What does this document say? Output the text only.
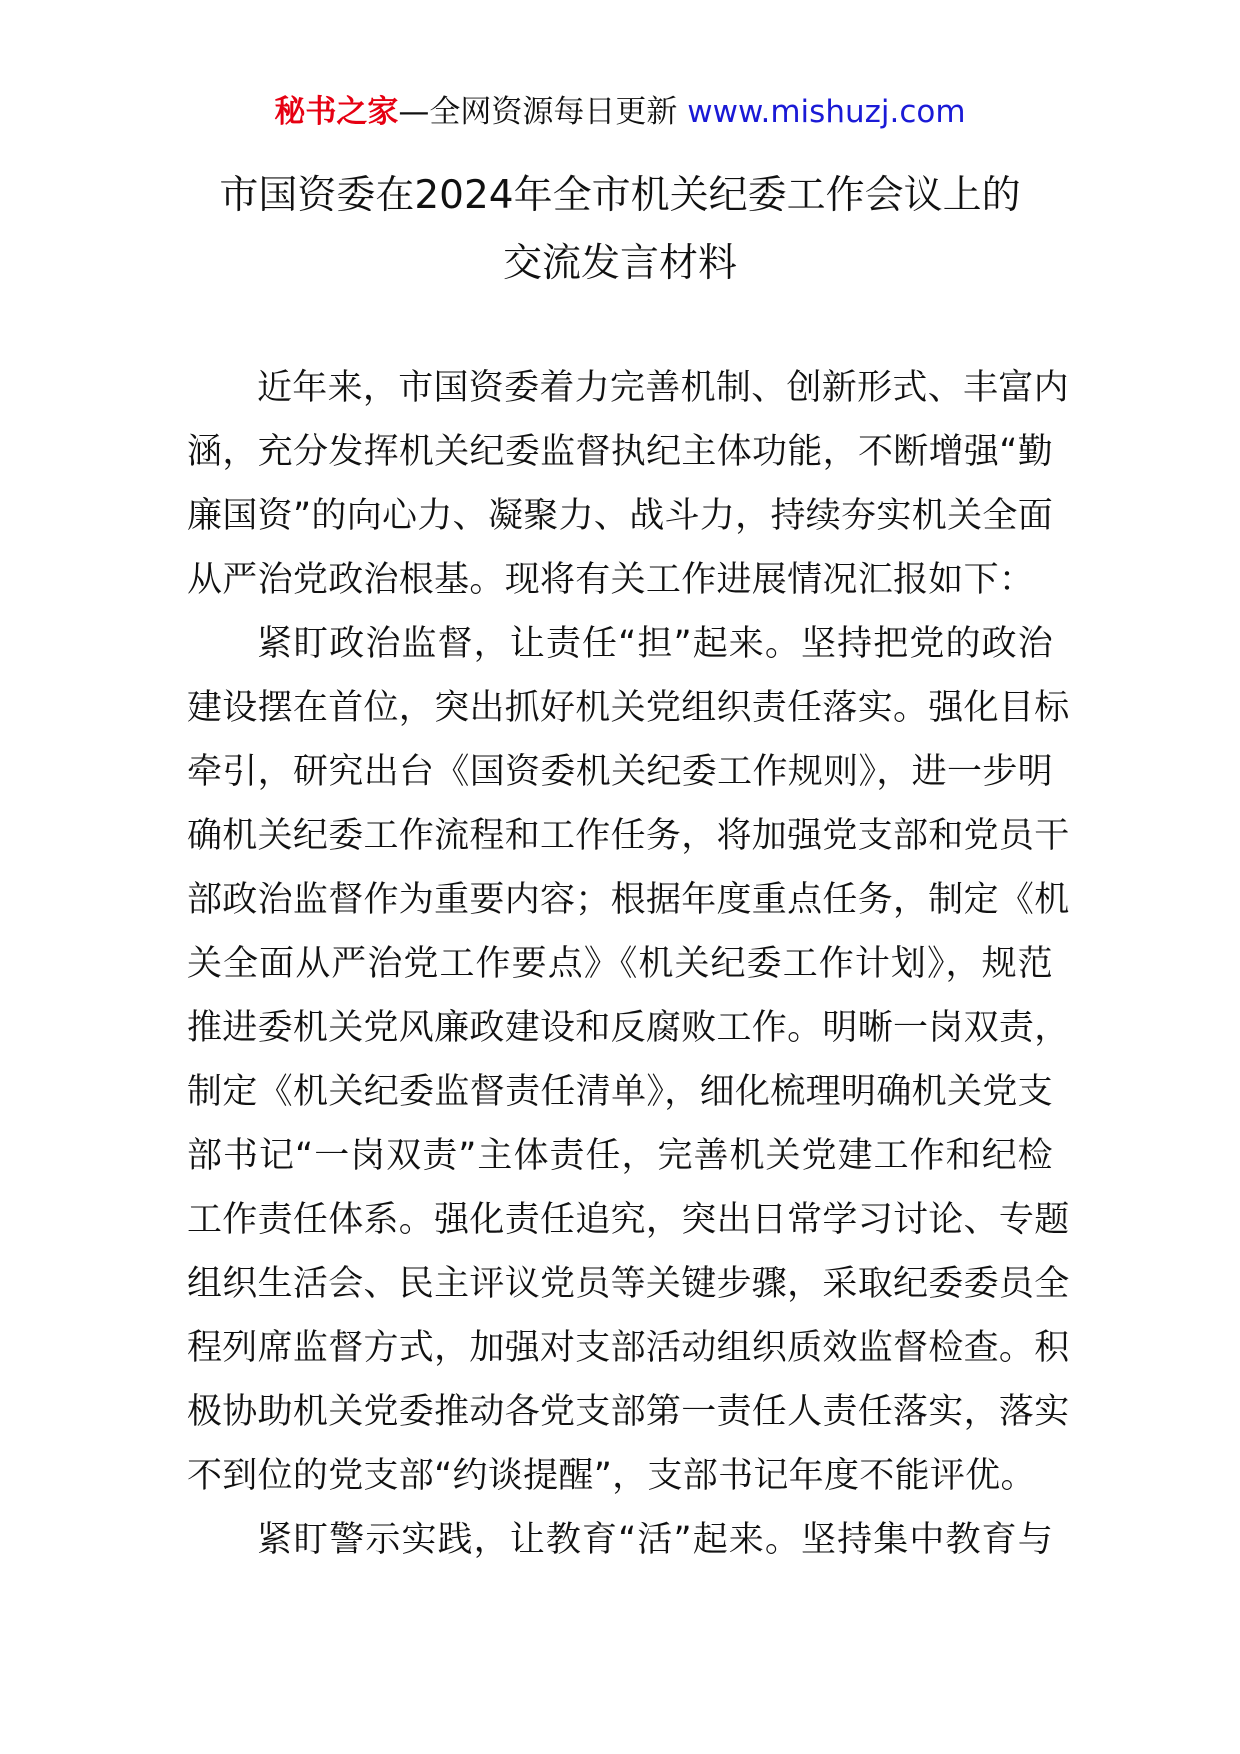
秘书之家—全网资源每日更新 www.mishuzj.com
市国资委在2024年全市机关纪委工作会议上的
交流发言材料
近年来，市国资委着力完善机制、创新形式、丰富内
涵，充分发挥机关纪委监督执纪主体功能，不断增强“勤
廉国资”的向心力、凝聚力、战斗力，持续夯实机关全面
从严治党政治根基。现将有关工作进展情况汇报如下：
紧盯政治监督，让责任“担”起来。坚持把党的政治
建设摆在首位，突出抓好机关党组织责任落实。强化目标
牵引，研究出台《国资委机关纪委工作规则》，进一步明
确机关纪委工作流程和工作任务，将加强党支部和党员干
部政治监督作为重要内容；根据年度重点任务，制定《机
关全面从严治党工作要点》《机关纪委工作计划》，规范
推进委机关党风廉政建设和反腐败工作。明晰一岗双责，
制定《机关纪委监督责任清单》，细化梳理明确机关党支
部书记“一岗双责”主体责任，完善机关党建工作和纪检
工作责任体系。强化责任追究，突出日常学习讨论、专题
组织生活会、民主评议党员等关键步骤，采取纪委委员全
程列席监督方式，加强对支部活动组织质效监督检查。积
极协助机关党委推动各党支部第一责任人责任落实，落实
不到位的党支部“约谈提醒”，支部书记年度不能评优。
紧盯警示实践，让教育“活”起来。坚持集中教育与
